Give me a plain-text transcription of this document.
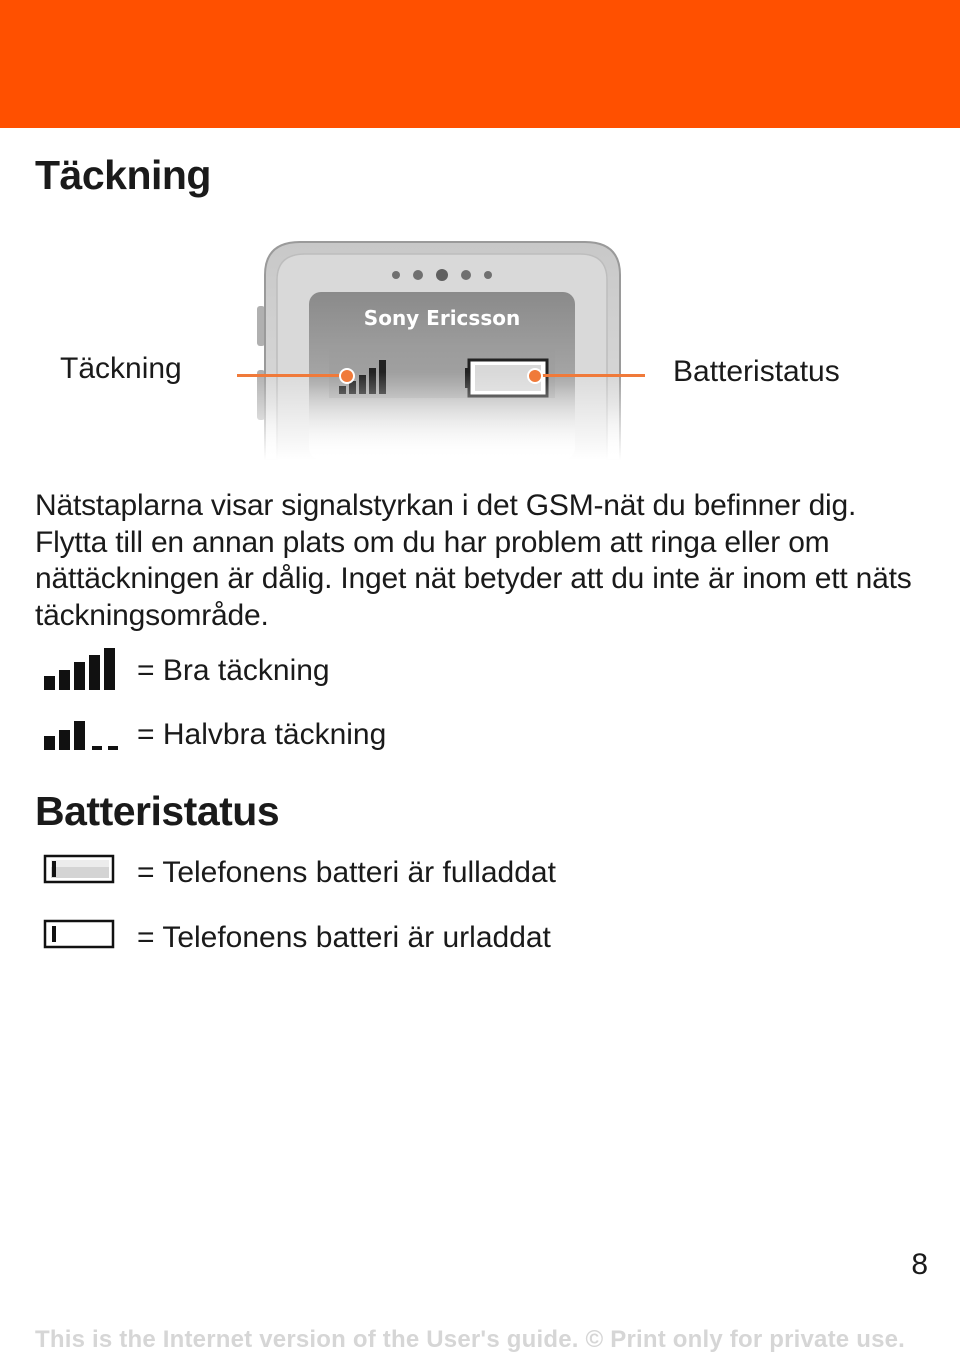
Täckning
Täckning	Batteristatus

Nätstaplarna visar signalstyrkan i det GSM-nät du befinner dig. Flytta till en annan plats om du har problem att ringa eller om nättäckningen är dålig. Inget nät betyder att du inte är inom ett näts täckningsområde.

= Bra täckning
= Halvbra täckning
Batteristatus
= Telefonens batteri är fulladdat
= Telefonens batteri är urladdat
8
This is the Internet version of the User's guide. © Print only for private use.
